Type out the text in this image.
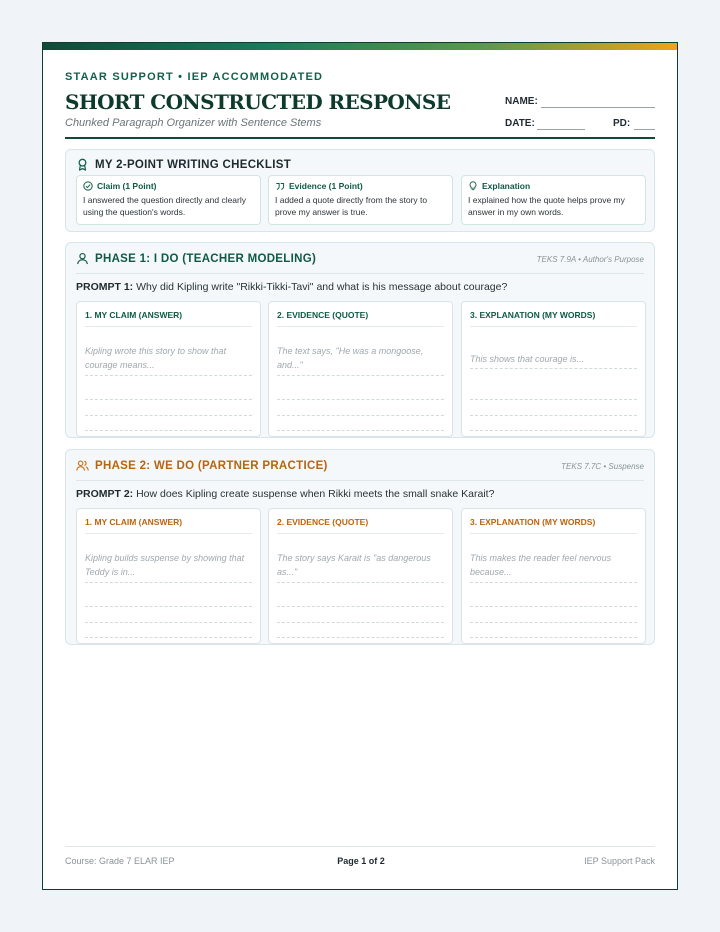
STAAR SUPPORT • IEP ACCOMMODATED
SHORT CONSTRUCTED RESPONSE
Chunked Paragraph Organizer with Sentence Stems
NAME:
DATE:	PD:
MY 2-POINT WRITING CHECKLIST
Claim (1 Point)
I answered the question directly and clearly using the question's words.
Evidence (1 Point)
I added a quote directly from the story to prove my answer is true.
Explanation
I explained how the quote helps prove my answer in my own words.
PHASE 1: I DO (TEACHER MODELING)	TEKS 7.9A • Author's Purpose
PROMPT 1: Why did Kipling write "Rikki-Tikki-Tavi" and what is his message about courage?
1. MY CLAIM (ANSWER)
Kipling wrote this story to show that courage means...
2. EVIDENCE (QUOTE)
The text says, "He was a mongoose, and..."
3. EXPLANATION (MY WORDS)
This shows that courage is...
PHASE 2: WE DO (PARTNER PRACTICE)	TEKS 7.7C • Suspense
PROMPT 2: How does Kipling create suspense when Rikki meets the small snake Karait?
1. MY CLAIM (ANSWER)
Kipling builds suspense by showing that Teddy is in...
2. EVIDENCE (QUOTE)
The story says Karait is "as dangerous as..."
3. EXPLANATION (MY WORDS)
This makes the reader feel nervous because...
Course: Grade 7 ELAR IEP	Page 1 of 2	IEP Support Pack
